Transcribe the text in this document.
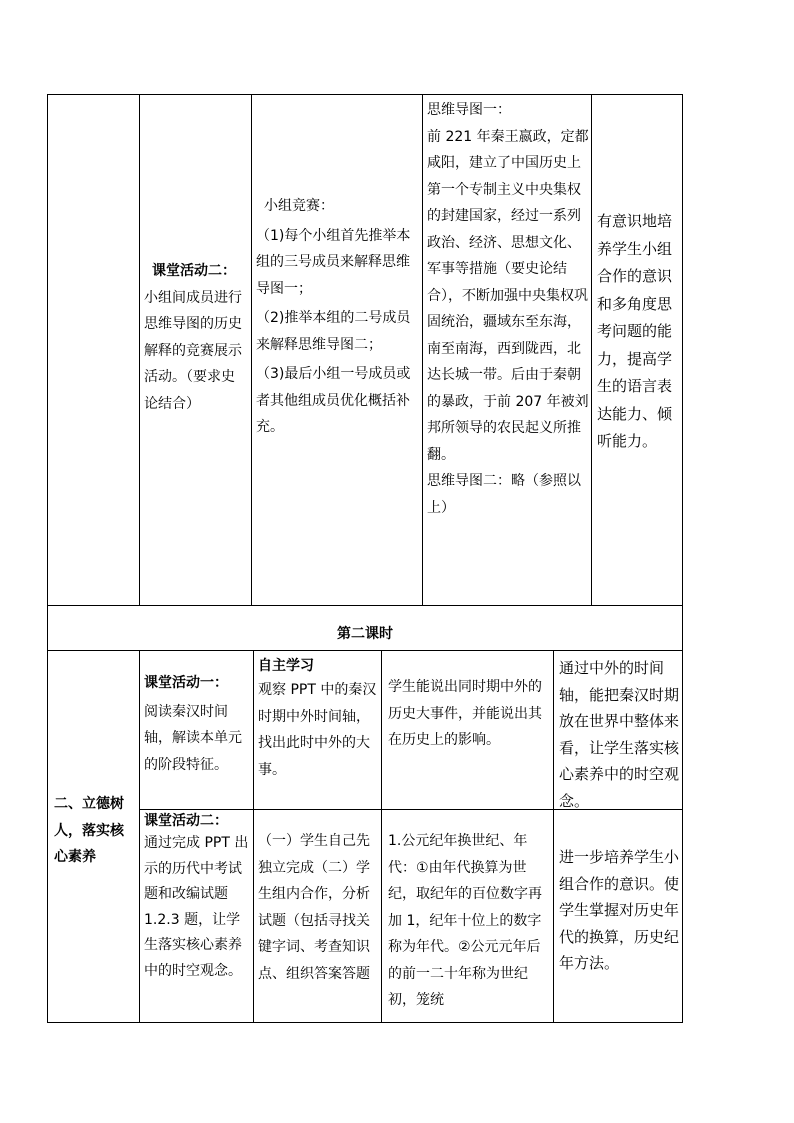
课堂活动二：
小组间成员进行思维导图的历史解释的竞赛展示活动。（要求史论结合）
小组竞赛：
（1)每个小组首先推举本组的三号成员来解释思维导图一；
（2)推举本组的二号成员来解释思维导图二；
（3)最后小组一号成员或者其他组成员优化概括补充。
思维导图一：
前 221 年秦王嬴政，定都咸阳，建立了中国历史上第一个专制主义中央集权的封建国家，经过一系列政治、经济、思想文化、军事等措施（要史论结合），不断加强中央集权巩固统治，疆域东至东海，南至南海，西到陇西，北达长城一带。后由于秦朝的暴政，于前 207 年被刘邦所领导的农民起义所推翻。
思维导图二：略（参照以上）
有意识地培养学生小组合作的意识和多角度思考问题的能力，提高学生的语言表达能力、倾听能力。
第二课时
二、立德树人，落实核心素养
课堂活动一：
阅读秦汉时间轴，解读本单元的阶段特征。
自主学习
观察 PPT 中的秦汉时期中外时间轴，找出此时中外的大事。
学生能说出同时期中外的历史大事件，并能说出其在历史上的影响。
通过中外的时间轴，能把秦汉时期放在世界中整体来看，让学生落实核心素养中的时空观念。
课堂活动二：
通过完成 PPT 出示的历代中考试题和改编试题 1.2.3 题，让学生落实核心素养中的时空观念。
（一）学生自己先独立完成（二）学生组内合作，分析试题（包括寻找关键字词、考查知识点、组织答案答题
1.公元纪年换世纪、年代：①由年代换算为世纪，取纪年的百位数字再加 1，纪年十位上的数字称为年代。②公元元年后的前一二十年称为世纪初，笼统
进一步培养学生小组合作的意识。使学生掌握对历史年代的换算，历史纪年方法。
